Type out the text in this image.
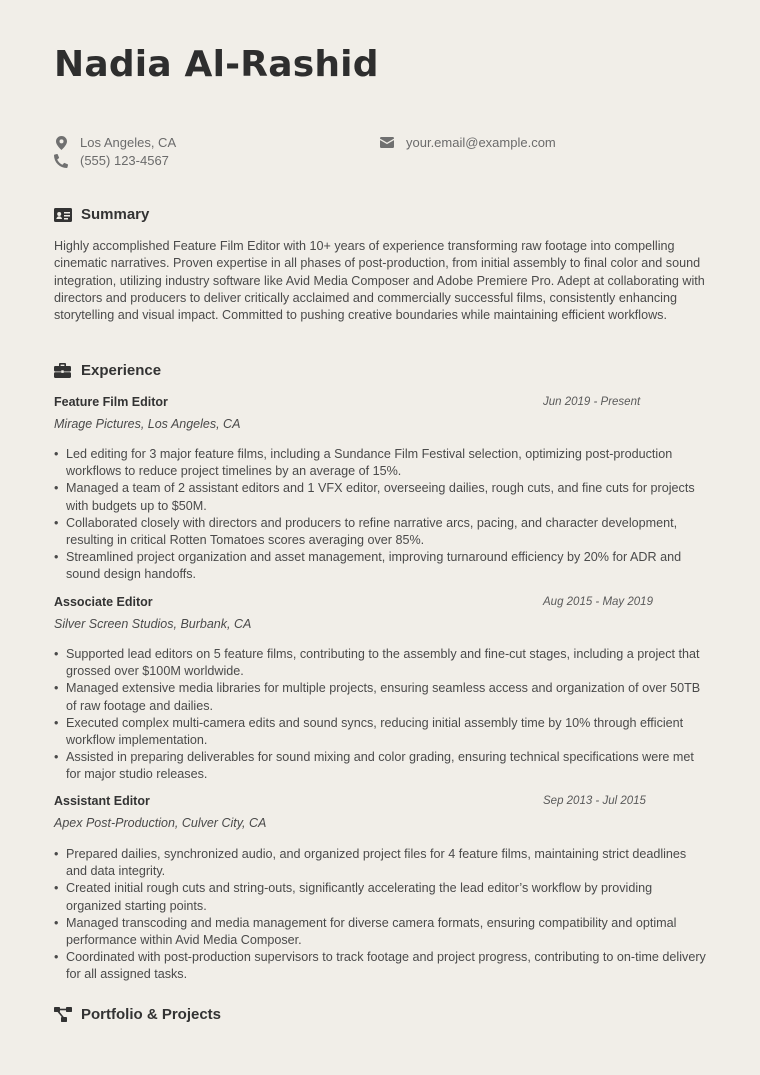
Nadia Al-Rashid
Los Angeles, CA
(555) 123-4567
your.email@example.com
Summary

Highly accomplished Feature Film Editor with 10+ years of experience transforming raw footage into compelling cinematic narratives. Proven expertise in all phases of post-production, from initial assembly to final color and sound integration, utilizing industry software like Avid Media Composer and Adobe Premiere Pro. Adept at collaborating with directors and producers to deliver critically acclaimed and commercially successful films, consistently enhancing storytelling and visual impact. Committed to pushing creative boundaries while maintaining efficient workflows.

Experience
Feature Film Editor	Jun 2019 - Present
Mirage Pictures, Los Angeles, CA
• Led editing for 3 major feature films, including a Sundance Film Festival selection, optimizing post-production workflows to reduce project timelines by an average of 15%.
• Managed a team of 2 assistant editors and 1 VFX editor, overseeing dailies, rough cuts, and fine cuts for projects with budgets up to $50M.
• Collaborated closely with directors and producers to refine narrative arcs, pacing, and character development, resulting in critical Rotten Tomatoes scores averaging over 85%.
• Streamlined project organization and asset management, improving turnaround efficiency by 20% for ADR and sound design handoffs.
Associate Editor	Aug 2015 - May 2019
Silver Screen Studios, Burbank, CA
• Supported lead editors on 5 feature films, contributing to the assembly and fine-cut stages, including a project that grossed over $100M worldwide.
• Managed extensive media libraries for multiple projects, ensuring seamless access and organization of over 50TB of raw footage and dailies.
• Executed complex multi-camera edits and sound syncs, reducing initial assembly time by 10% through efficient workflow implementation.
• Assisted in preparing deliverables for sound mixing and color grading, ensuring technical specifications were met for major studio releases.
Assistant Editor	Sep 2013 - Jul 2015
Apex Post-Production, Culver City, CA
• Prepared dailies, synchronized audio, and organized project files for 4 feature films, maintaining strict deadlines and data integrity.
• Created initial rough cuts and string-outs, significantly accelerating the lead editor’s workflow by providing organized starting points.
• Managed transcoding and media management for diverse camera formats, ensuring compatibility and optimal performance within Avid Media Composer.
• Coordinated with post-production supervisors to track footage and project progress, contributing to on-time delivery for all assigned tasks.
Portfolio & Projects
